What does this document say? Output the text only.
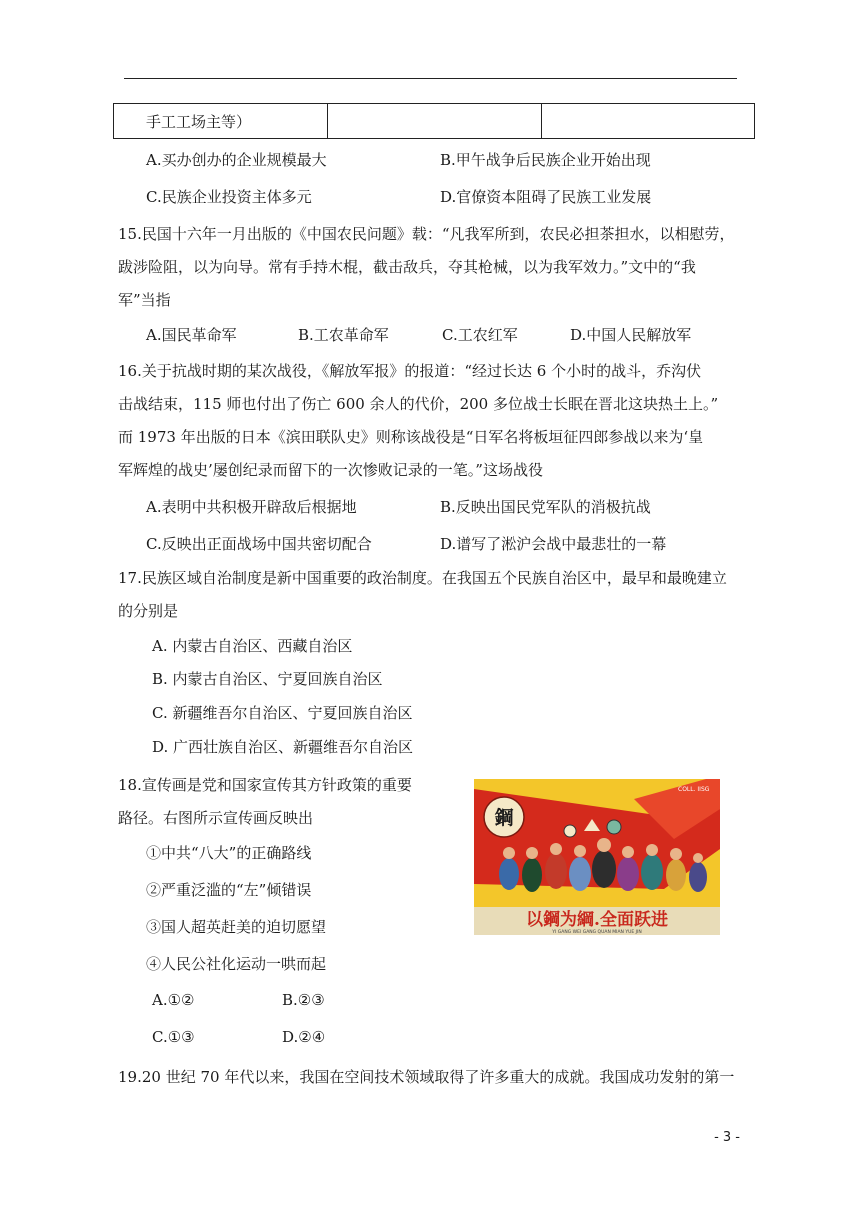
手工工场主等）
A.买办创办的企业规模最大	B.甲午战争后民族企业开始出现
C.民族企业投资主体多元	D.官僚资本阻碍了民族工业发展
15.民国十六年一月出版的《中国农民问题》载：“凡我军所到，农民必担茶担水，以相慰劳，
跋涉险阻，以为向导。常有手持木棍，截击敌兵，夺其枪械，以为我军效力。”文中的“我
军”当指
A.国民革命军	B.工农革命军	C.工农红军	D.中国人民解放军
16.关于抗战时期的某次战役，《解放军报》的报道：“经过长达 6 个小时的战斗，乔沟伏
击战结束，115 师也付出了伤亡 600 余人的代价，200 多位战士长眠在晋北这块热土上。”
而 1973 年出版的日本《滨田联队史》则称该战役是“日军名将板垣征四郎参战以来为‘皇
军辉煌的战史’屡创纪录而留下的一次惨败记录的一笔。”这场战役
A.表明中共积极开辟敌后根据地	B.反映出国民党军队的消极抗战
C.反映出正面战场中国共密切配合	D.谱写了淞沪会战中最悲壮的一幕
17.民族区域自治制度是新中国重要的政治制度。在我国五个民族自治区中，最早和最晚建立
的分别是
A. 内蒙古自治区、西藏自治区
B. 内蒙古自治区、宁夏回族自治区
C. 新疆维吾尔自治区、宁夏回族自治区
D. 广西壮族自治区、新疆维吾尔自治区
18.宣传画是党和国家宣传其方针政策的重要
路径。右图所示宣传画反映出
①中共“八大”的正确路线
②严重泛滥的“左”倾错误
③国人超英赶美的迫切愿望
④人民公社化运动一哄而起
A.①②	B.②③
C.①③	D.②④
鋼
COLL. IISG
以鋼为綱.全面跃进
YI GANG WEI GANG QUAN MIAN YUE JIN
19.20 世纪 70 年代以来，我国在空间技术领域取得了许多重大的成就。我国成功发射的第一
- 3 -
